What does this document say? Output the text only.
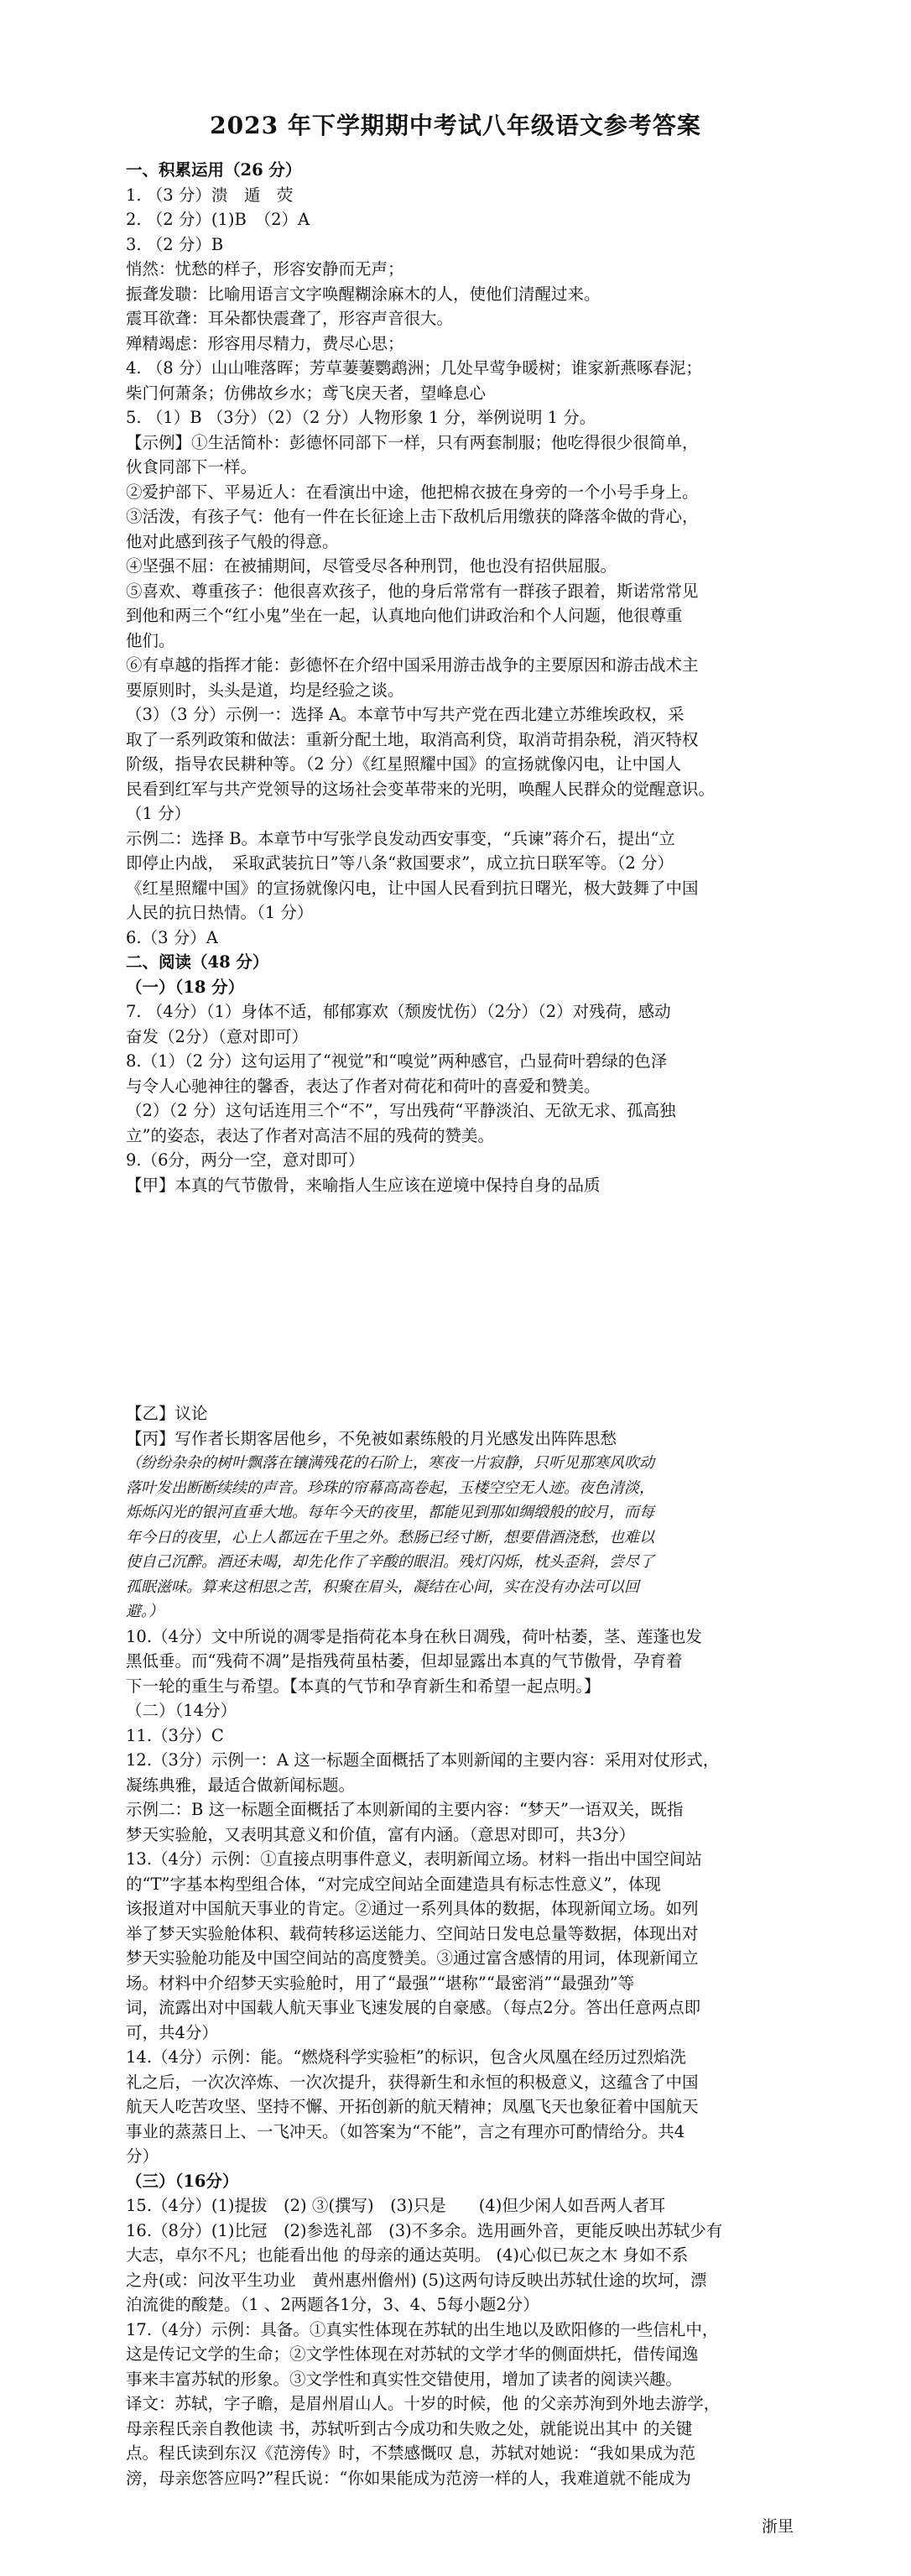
2023 年下学期期中考试八年级语文参考答案
一、积累运用（26 分）
1. （3 分）溃　遁　荧
2. （2 分）(1)B　（2）A
3. （2 分）B
悄然：忧愁的样子，形容安静而无声；
振聋发聩：比喻用语言文字唤醒糊涂麻木的人，使他们清醒过来。
震耳欲聋：耳朵都快震聋了，形容声音很大。
殚精竭虑：形容用尽精力，费尽心思；
4. （8 分）山山唯落晖；芳草萋萋鹦鹉洲；几处早莺争暖树；谁家新燕啄春泥；
柴门何萧条；仿佛故乡水；鸢飞戾天者，望峰息心
5. （1）B （3分）（2）（2 分）人物形象 1 分，举例说明 1 分。
【示例】①生活简朴：彭德怀同部下一样，只有两套制服；他吃得很少很简单，
伙食同部下一样。
②爱护部下、平易近人：在看演出中途，他把棉衣披在身旁的一个小号手身上。
③活泼，有孩子气：他有一件在长征途上击下敌机后用缴获的降落伞做的背心，
他对此感到孩子气般的得意。
④坚强不屈：在被捕期间，尽管受尽各种刑罚，他也没有招供屈服。
⑤喜欢、尊重孩子：他很喜欢孩子，他的身后常常有一群孩子跟着，斯诺常常见
到他和两三个“红小鬼”坐在一起，认真地向他们讲政治和个人问题，他很尊重
他们。
⑥有卓越的指挥才能：彭德怀在介绍中国采用游击战争的主要原因和游击战术主
要原则时，头头是道，均是经验之谈。
（3）（3 分）示例一：选择 A。本章节中写共产党在西北建立苏维埃政权，采
取了一系列政策和做法：重新分配土地，取消高利贷，取消苛捐杂税，消灭特权
阶级，指导农民耕种等。（2 分）《红星照耀中国》的宣扬就像闪电，让中国人
民看到红军与共产党领导的这场社会变革带来的光明，唤醒人民群众的觉醒意识。
（1 分）
示例二：选择 B。本章节中写张学良发动西安事变，“兵谏”蒋介石，提出“立
即停止内战，　采取武装抗日”等八条“救国要求”，成立抗日联军等。（2 分）
《红星照耀中国》的宣扬就像闪电，让中国人民看到抗日曙光，极大鼓舞了中国
人民的抗日热情。（1 分）
6.（3 分）A
二、阅读（48 分）
（一）（18 分）
7. （4分）（1）身体不适，郁郁寡欢（颓废忧伤）（2分）（2）对残荷，感动
奋发（2分）（意对即可）
8.（1）（2 分）这句运用了“视觉”和“嗅觉”两种感官，凸显荷叶碧绿的色泽
与令人心驰神往的馨香，表达了作者对荷花和荷叶的喜爱和赞美。
（2）（2 分）这句话连用三个“不”，写出残荷“平静淡泊、无欲无求、孤高独
立”的姿态，表达了作者对高洁不屈的残荷的赞美。
9.（6分，两分一空，意对即可）
【甲】本真的气节傲骨，来喻指人生应该在逆境中保持自身的品质
【乙】议论
【丙】写作者长期客居他乡，不免被如素练般的月光感发出阵阵思愁
（纷纷杂杂的树叶飘落在镶满残花的石阶上，寒夜一片寂静，只听见那寒风吹动
落叶发出断断续续的声音。珍珠的帘幕高高卷起，玉楼空空无人迹。夜色清淡，
烁烁闪光的银河直垂大地。每年今天的夜里，都能见到那如绸缎般的皎月，而每
年今日的夜里，心上人都远在千里之外。愁肠已经寸断，想要借酒浇愁，也难以
使自己沉醉。酒还未喝，却先化作了辛酸的眼泪。残灯闪烁，枕头歪斜，尝尽了
孤眠滋味。算来这相思之苦，积聚在眉头，凝结在心间，实在没有办法可以回
避。）
10.（4分）文中所说的凋零是指荷花本身在秋日凋残，荷叶枯萎，茎、莲蓬也发
黑低垂。而“残荷不凋”是指残荷虽枯萎，但却显露出本真的气节傲骨，孕育着
下一轮的重生与希望。【本真的气节和孕育新生和希望一起点明。】
（二）（14分）
11.（3分）C
12.（3分）示例一：A 这一标题全面概括了本则新闻的主要内容：采用对仗形式，
凝练典雅，最适合做新闻标题。
示例二：B 这一标题全面概括了本则新闻的主要内容：“梦天”一语双关，既指
梦天实验舱，又表明其意义和价值，富有内涵。（意思对即可，共3分）
13.（4分）示例：①直接点明事件意义，表明新闻立场。材料一指出中国空间站
的“T”字基本构型组合体，“对完成空间站全面建造具有标志性意义”，体现
该报道对中国航天事业的肯定。②通过一系列具体的数据，体现新闻立场。如列
举了梦天实验舱体积、载荷转移运送能力、空间站日发电总量等数据，体现出对
梦天实验舱功能及中国空间站的高度赞美。③通过富含感情的用词，体现新闻立
场。材料中介绍梦天实验舱时，用了“最强”“堪称”“最密消”“最强劲”等
词，流露出对中国载人航天事业飞速发展的自豪感。（每点2分。答出任意两点即
可，共4分）
14.（4分）示例：能。“燃烧科学实验柜”的标识，包含火凤凰在经历过烈焰洗
礼之后，一次次淬炼、一次次提升，获得新生和永恒的积极意义，这蕴含了中国
航天人吃苦攻坚、坚持不懈、开拓创新的航天精神；凤凰飞天也象征着中国航天
事业的蒸蒸日上、一飞冲天。（如答案为“不能”，言之有理亦可酌情给分。共4
分）
（三）（16分）
15.（4分）(1)提拔　(2) ③(撰写)　(3)只是　　(4)但少闲人如吾两人者耳
16.（8分）(1)比冠　(2)参选礼部　(3)不多余。选用画外音，更能反映出苏轼少有
大志，卓尔不凡；也能看出他 的母亲的通达英明。 (4)心似已灰之木 身如不系
之舟(或：问汝平生功业　黄州惠州儋州) (5)这两句诗反映出苏轼仕途的坎坷，漂
泊流徙的酸楚。（1 、2两题各1分，3、4、5每小题2分）
17.（4分）示例：具备。①真实性体现在苏轼的出生地以及欧阳修的一些信札中，
这是传记文学的生命；②文学性体现在对苏轼的文学才华的侧面烘托，借传闻逸
事来丰富苏轼的形象。③文学性和真实性交错使用，增加了读者的阅读兴趣。
译文：苏轼，字子瞻，是眉州眉山人。十岁的时候，他 的父亲苏洵到外地去游学，
母亲程氏亲自教他读 书，苏轼听到古今成功和失败之处，就能说出其中 的关键
点。程氏读到东汉《范滂传》时，不禁感慨叹 息，苏轼对她说：“我如果成为范
滂，母亲您答应吗?”程氏说：“你如果能成为范滂一样的人，我难道就不能成为
浙里
